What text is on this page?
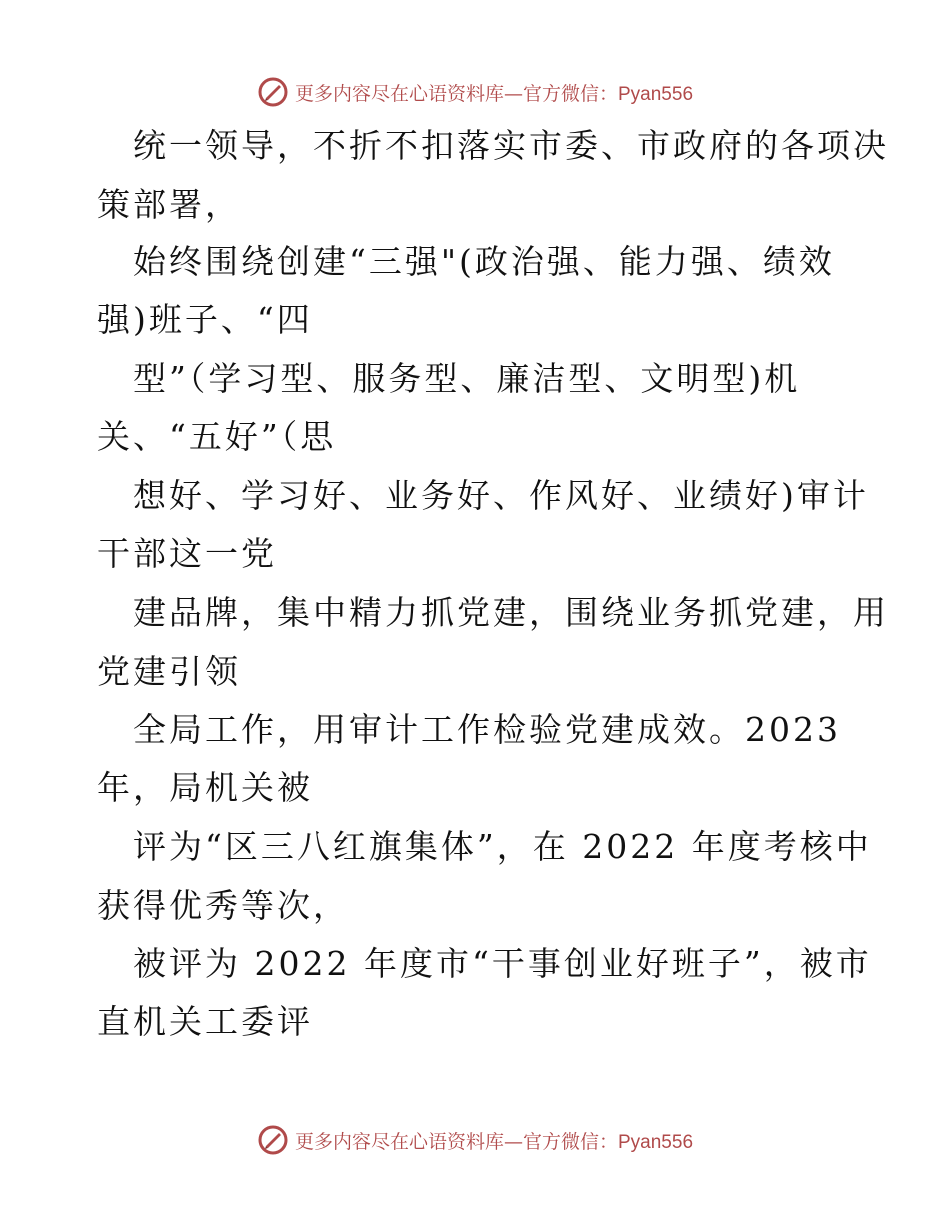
更多内容尽在心语资料库—官方微信：Pyan556
统一领导，不折不扣落实市委、市政府的各项决
策部署，
始终围绕创建“三强"(政治强、能力强、绩效
强)班子、“四
型”（学习型、服务型、廉洁型、文明型)机
关、“五好”（思
想好、学习好、业务好、作风好、业绩好)审计
干部这一党
建品牌，集中精力抓党建，围绕业务抓党建，用
党建引领
全局工作，用审计工作检验党建成效。2023
年，局机关被
评为“区三八红旗集体”，在 2022 年度考核中
获得优秀等次，
被评为 2022 年度市“干事创业好班子”，被市
直机关工委评
更多内容尽在心语资料库—官方微信：Pyan556
